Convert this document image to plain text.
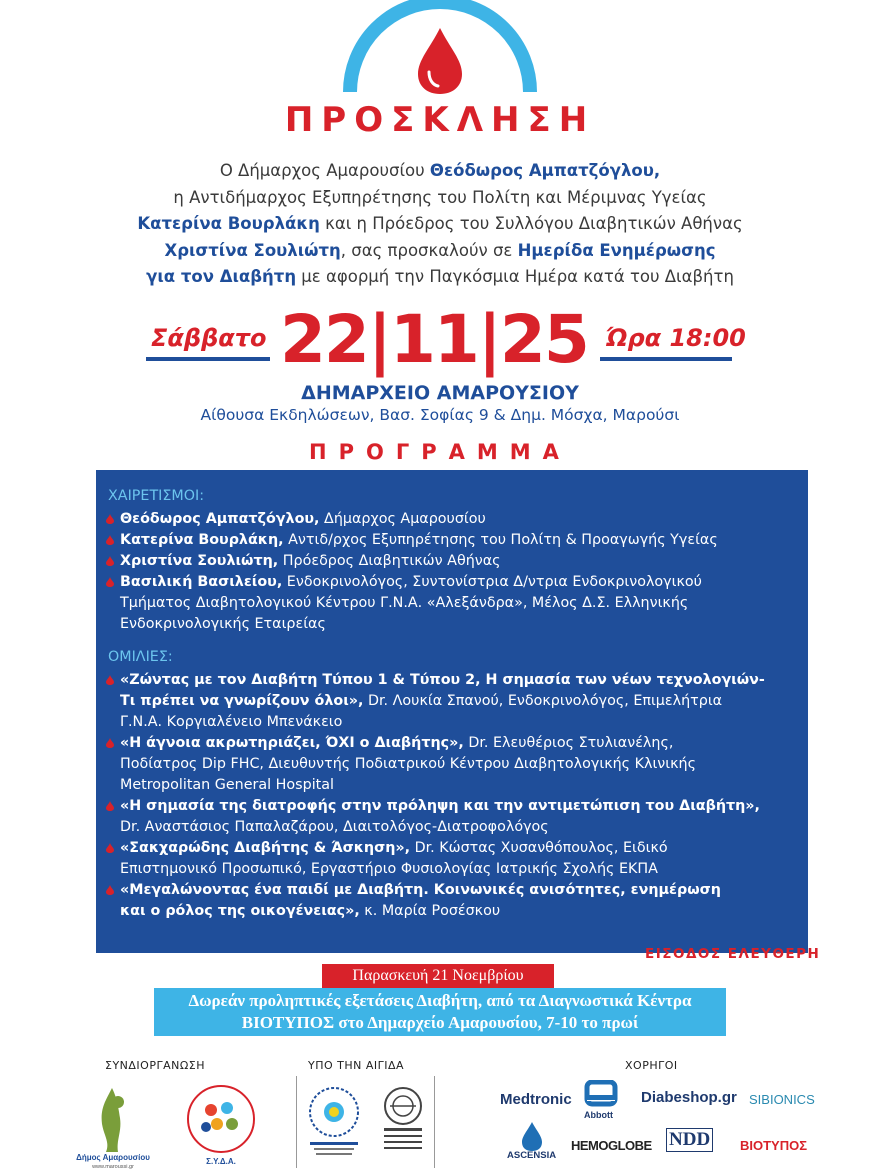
ΠΡΟΣΚΛΗΣΗ
Ο Δήμαρχος Αμαρουσίου Θεόδωρος Αμπατζόγλου,
η Αντιδήμαρχος Εξυπηρέτησης του Πολίτη και Μέριμνας Υγείας
Κατερίνα Βουρλάκη και η Πρόεδρος του Συλλόγου Διαβητικών Αθήνας
Χριστίνα Σουλιώτη, σας προσκαλούν σε Ημερίδα Ενημέρωσης
για τον Διαβήτη με αφορμή την Παγκόσμια Ημέρα κατά του Διαβήτη
Σάββατο 22|11|25 Ώρα 18:00
ΔΗΜΑΡΧΕΙΟ ΑΜΑΡΟΥΣΙΟΥ
Αίθουσα Εκδηλώσεων, Βασ. Σοφίας 9 & Δημ. Μόσχα, Μαρούσι
ΠΡΟΓΡΑΜΜΑ
ΧΑΙΡΕΤΙΣΜΟΙ:
Θεόδωρος Αμπατζόγλου, Δήμαρχος Αμαρουσίου
Κατερίνα Βουρλάκη, Αντιδ/ρχος Εξυπηρέτησης του Πολίτη & Προαγωγής Υγείας
Χριστίνα Σουλιώτη, Πρόεδρος Διαβητικών Αθήνας
Βασιλική Βασιλείου, Ενδοκρινολόγος, Συντονίστρια Δ/ντρια Ενδοκρινολογικού
Τμήματος Διαβητολογικού Κέντρου Γ.Ν.Α. «Αλεξάνδρα», Μέλος Δ.Σ. Ελληνικής
Ενδοκρινολογικής Εταιρείας
ΟΜΙΛΙΕΣ:
«Ζώντας με τον Διαβήτη Τύπου 1 & Τύπου 2, Η σημασία των νέων τεχνολογιών-
Τι πρέπει να γνωρίζουν όλοι», Dr. Λουκία Σπανού, Ενδοκρινολόγος, Επιμελήτρια
Γ.Ν.Α. Κοργιαλένειο Μπενάκειο
«Η άγνοια ακρωτηριάζει, ΌΧΙ ο Διαβήτης», Dr. Ελευθέριος Στυλιανέλης,
Ποδίατρος Dip FHC, Διευθυντής Ποδιατρικού Κέντρου Διαβητολογικής Κλινικής
Metropolitan General Hospital
«Η σημασία της διατροφής στην πρόληψη και την αντιμετώπιση του Διαβήτη»,
Dr. Αναστάσιος Παπαλαζάρου, Διαιτολόγος-Διατροφολόγος
«Σακχαρώδης Διαβήτης & Άσκηση», Dr. Κώστας Χυσανθόπουλος, Ειδικό
Επιστημονικό Προσωπικό, Εργαστήριο Φυσιολογίας Ιατρικής Σχολής ΕΚΠΑ
«Μεγαλώνοντας ένα παιδί με Διαβήτη. Κοινωνικές ανισότητες, ενημέρωση
και ο ρόλος της οικογένειας», κ. Μαρία Ροσέσκου
ΕΙΣΟΔΟΣ ΕΛΕΥΘΕΡΗ
Παρασκευή 21 Νοεμβρίου
Δωρεάν προληπτικές εξετάσεις Διαβήτη, από τα Διαγνωστικά Κέντρα
ΒΙΟΤΥΠΟΣ στο Δημαρχείο Αμαρουσίου, 7-10 το πρωί
ΣΥΝΔΙΟΡΓΑΝΩΣΗ	ΥΠΟ ΤΗΝ ΑΙΓΙΔΑ	ΧΟΡΗΓΟΙ
Δήμος Αμαρουσίου
www.maroussi.gr
Σ.Υ.Δ.Α.
Medtronic
Abbott
Diabeshop.gr SIBIONICS
ASCENSIA
HEMOGLOBE NDD ΒΙΟΤΥΠΟΣ
